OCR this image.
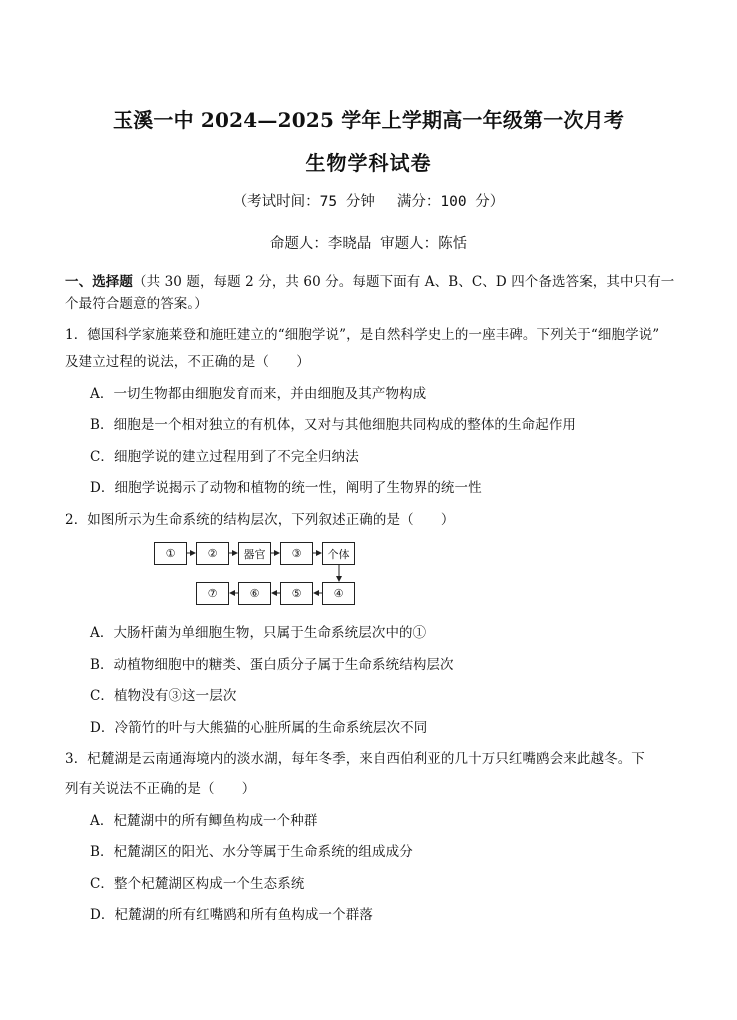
玉溪一中 2024—2025 学年上学期高一年级第一次月考
生物学科试卷
（考试时间：75 分钟 满分：100 分）
命题人：李晓晶 审题人：陈恬
一、选择题（共 30 题，每题 2 分，共 60 分。每题下面有 A、B、C、D 四个备选答案，其中只有一
个最符合题意的答案。）
1．德国科学家施莱登和施旺建立的“细胞学说”，是自然科学史上的一座丰碑。下列关于“细胞学说”
及建立过程的说法，不正确的是（　　）
A．一切生物都由细胞发育而来，并由细胞及其产物构成
B．细胞是一个相对独立的有机体，又对与其他细胞共同构成的整体的生命起作用
C．细胞学说的建立过程用到了不完全归纳法
D．细胞学说揭示了动物和植物的统一性，阐明了生物界的统一性
2．如图所示为生命系统的结构层次，下列叙述正确的是（　　）
①	②	器官	③	个体
⑦	⑥	⑤	④
A．大肠杆菌为单细胞生物，只属于生命系统层次中的①
B．动植物细胞中的糖类、蛋白质分子属于生命系统结构层次
C．植物没有③这一层次
D．冷箭竹的叶与大熊猫的心脏所属的生命系统层次不同
3．杞麓湖是云南通海境内的淡水湖，每年冬季，来自西伯利亚的几十万只红嘴鸥会来此越冬。下
列有关说法不正确的是（　　）
A．杞麓湖中的所有鲫鱼构成一个种群
B．杞麓湖区的阳光、水分等属于生命系统的组成成分
C．整个杞麓湖区构成一个生态系统
D．杞麓湖的所有红嘴鸥和所有鱼构成一个群落
